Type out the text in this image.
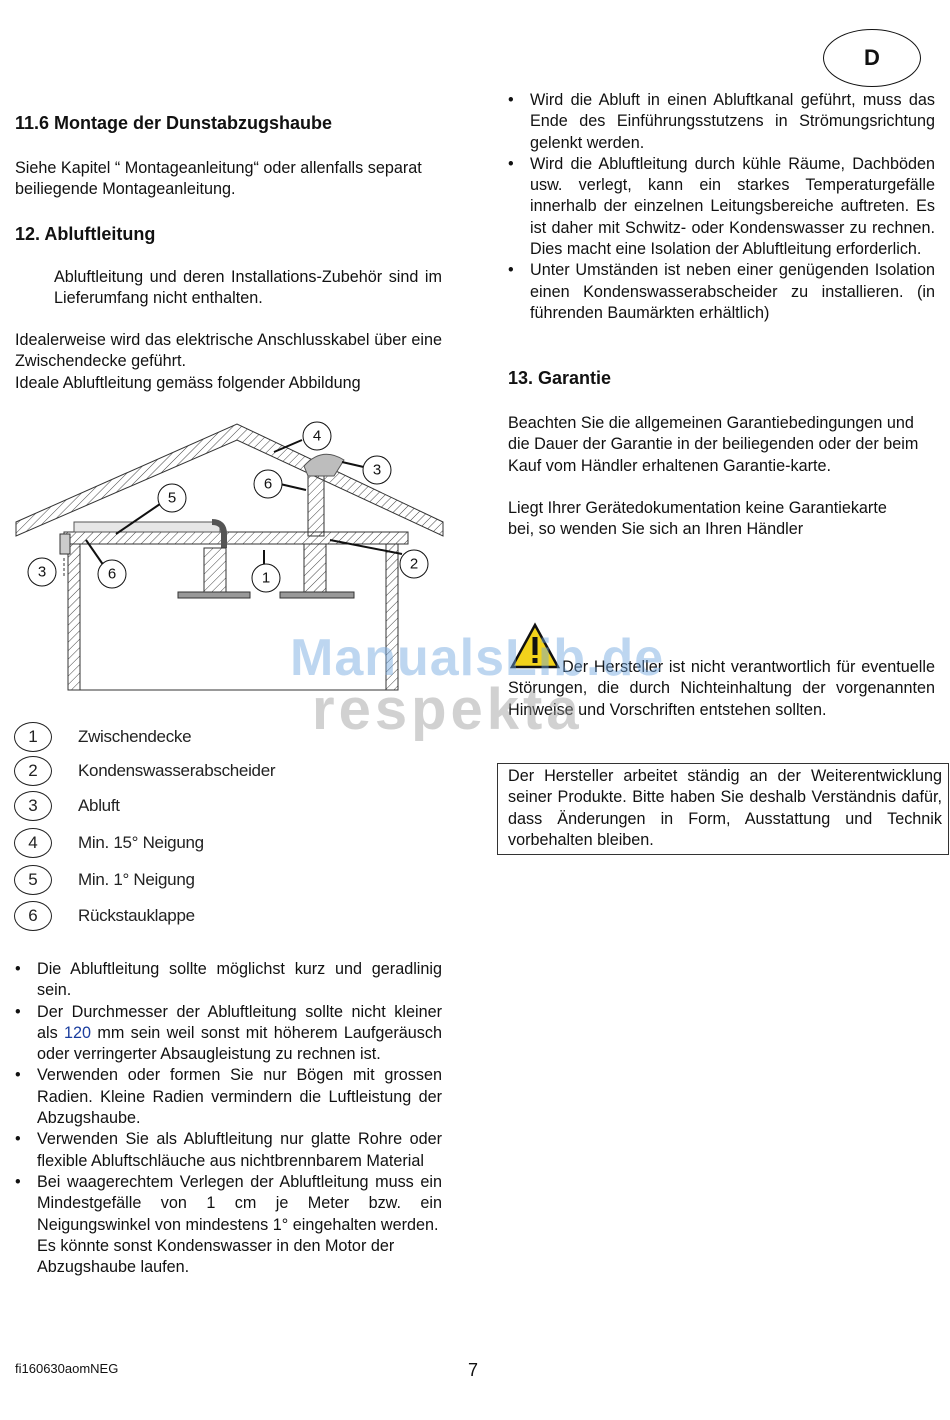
D
11.6 Montage der Dunstabzugshaube

Siehe Kapitel “ Montageanleitung“ oder allenfalls separat beiliegende Montageanleitung.

12. Abluftleitung

Abluftleitung und deren Installations-Zubehör sind im Lieferumfang nicht enthalten.

Idealerweise wird das elektrische Anschlusskabel über eine Zwischendecke geführt.

Ideale Abluftleitung gemäss folgender Abbildung

4
3
6
5
2
3	6	1
1	Zwischendecke
2	Kondenswasserabscheider
3	Abluft
4	Min. 15° Neigung
5	Min. 1° Neigung
6	Rückstauklappe
• Die Abluftleitung sollte möglichst kurz und geradlinig sein.
• Der Durchmesser der Abluftleitung sollte nicht kleiner als 120 mm sein weil sonst mit höherem Laufgeräusch oder verringerter Absaugleistung zu rechnen ist.
• Verwenden oder formen Sie nur Bögen mit grossen Radien. Kleine Radien vermindern die Luftleistung der Abzugshaube.
• Verwenden Sie als Abluftleitung nur glatte Rohre oder flexible Abluftschläuche aus nichtbrennbarem Material
• Bei waagerechtem Verlegen der Abluftleitung muss ein Mindestgefälle von 1 cm je Meter bzw. ein Neigungswinkel von mindestens 1° eingehalten werden.

Es könnte sonst Kondenswasser in den Motor der Abzugshaube laufen.
• Wird die Abluft in einen Abluftkanal geführt, muss das Ende des Einführungsstutzens in Strömungsrichtung gelenkt werden.
• Wird die Abluftleitung durch kühle Räume, Dachböden usw. verlegt, kann ein starkes Temperaturgefälle innerhalb der einzelnen Leitungsbereiche auftreten. Es ist daher mit Schwitz- oder Kondenswasser zu rechnen. Dies macht eine Isolation der Abluftleitung erforderlich.
• Unter Umständen ist neben einer genügenden Isolation einen Kondenswasserabscheider zu installieren. (in führenden Baumärkten erhältlich)
13. Garantie

Beachten Sie die allgemeinen Garantiebedingungen und die Dauer der Garantie in der beiliegenden oder der beim Kauf vom Händler erhaltenen Garantie-karte.

Liegt Ihrer Gerätedokumentation keine Garantiekarte bei, so wenden Sie sich an Ihren Händler

Der Hersteller ist nicht verantwortlich für eventuelle Störungen, die durch Nichteinhaltung der vorgenannten Hinweise und Vorschriften entstehen sollten.

Der Hersteller arbeitet ständig an der Weiterentwicklung seiner Produkte. Bitte haben Sie deshalb Verständnis dafür, dass Änderungen in Form, Ausstattung und Technik vorbehalten bleiben.
ManualsLib.de
respekta
fi160630aomNEG	7
